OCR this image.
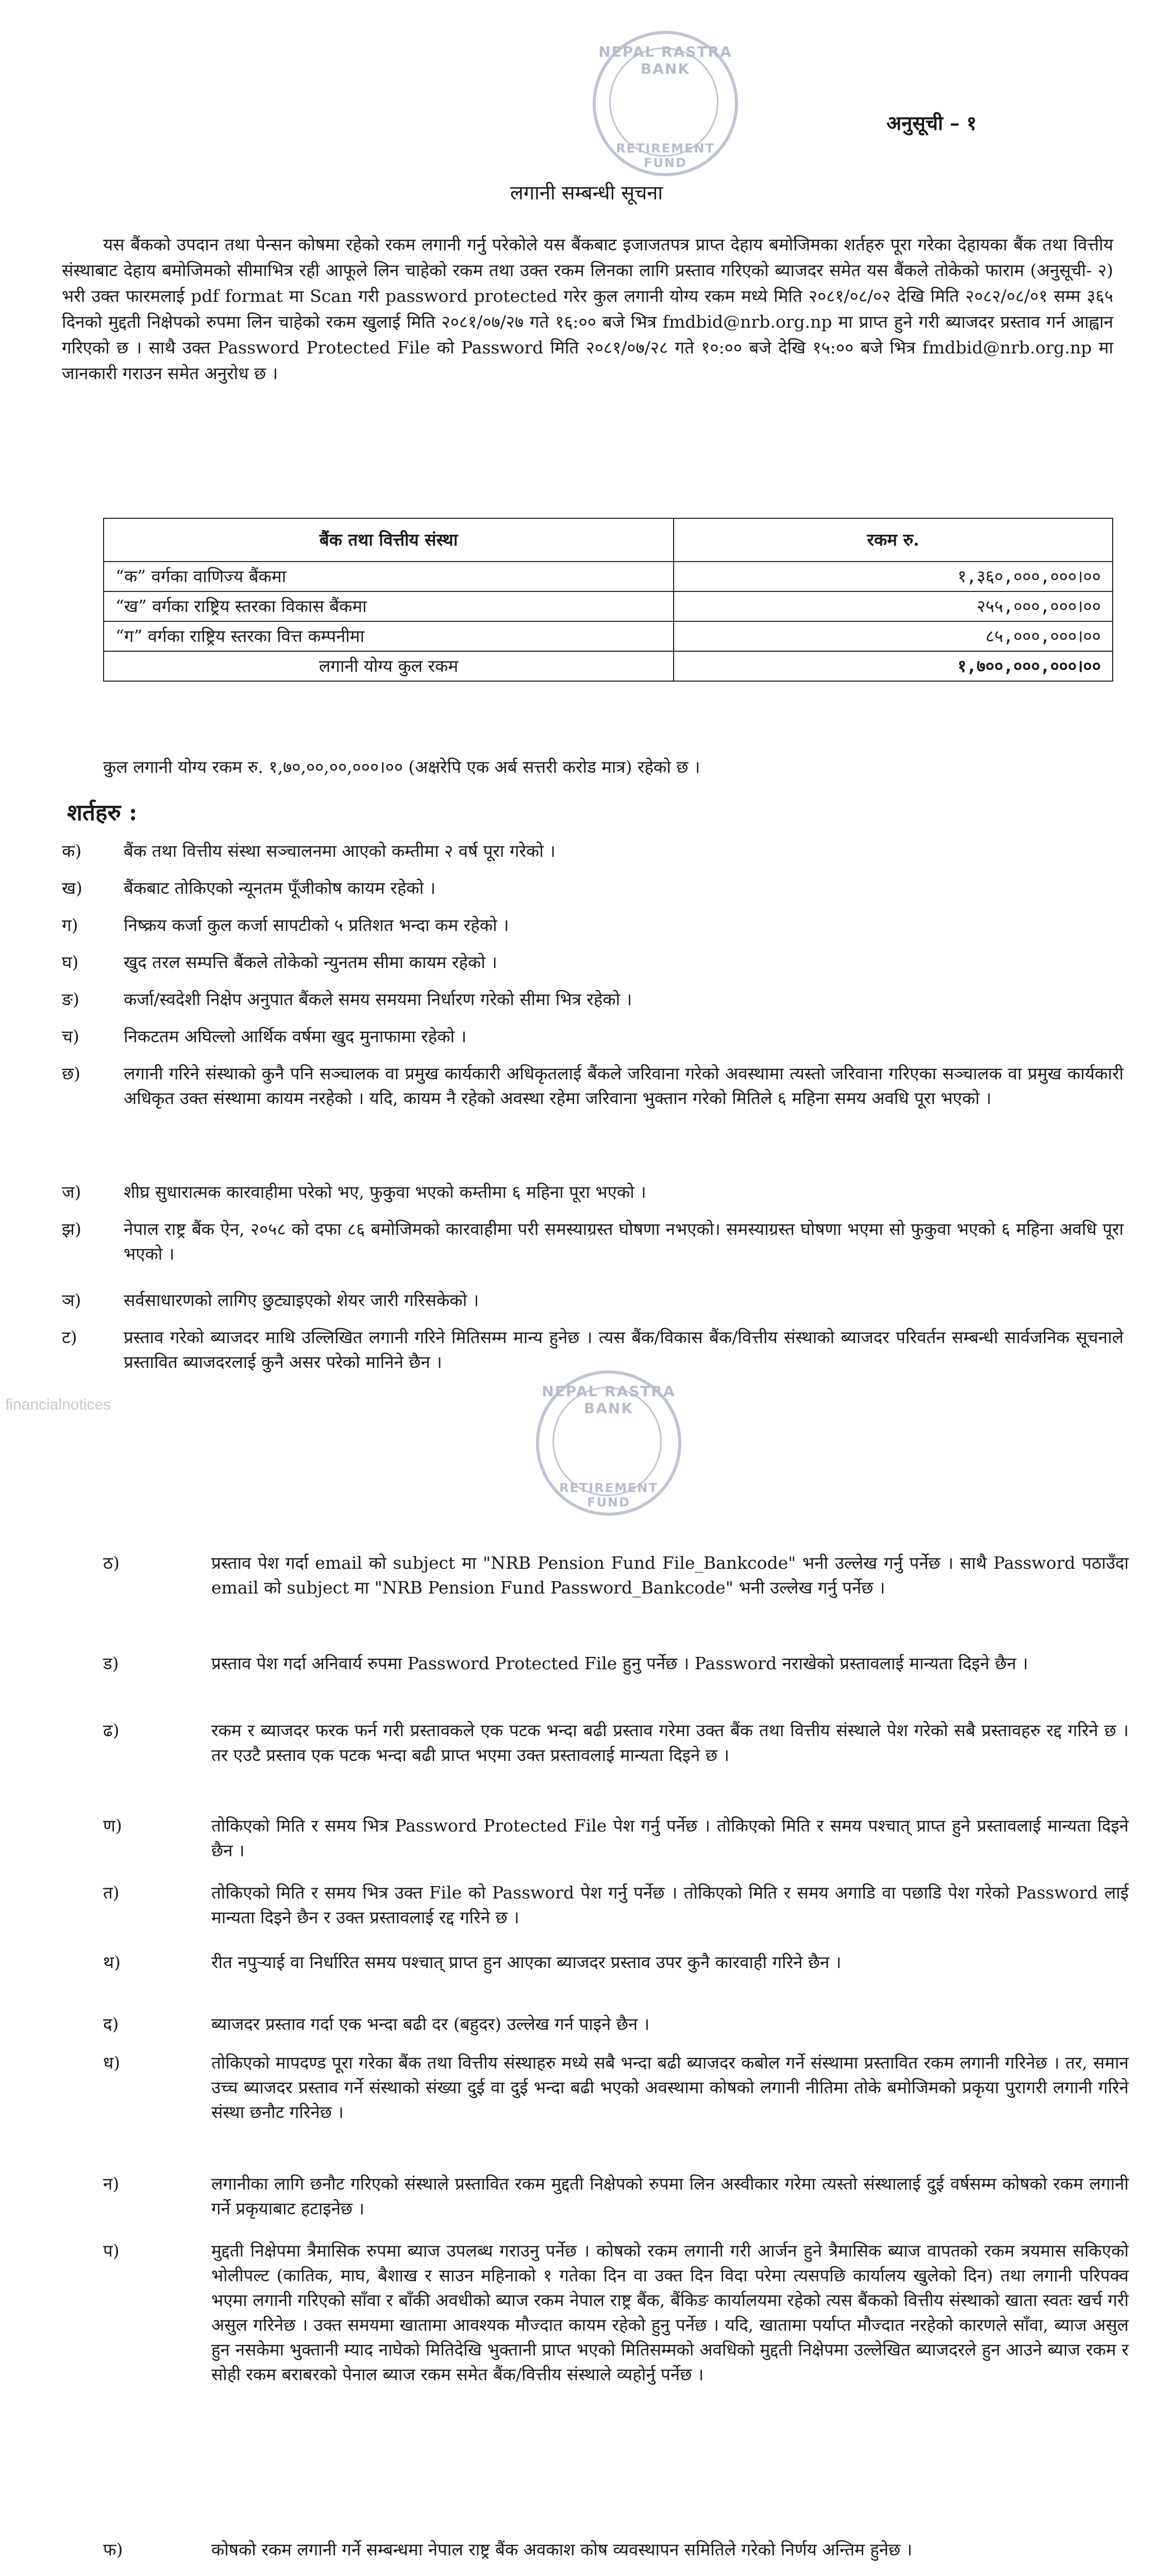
NEPAL RASTRA BANK
RETIREMENT FUND
अनुसूची – १
लगानी सम्बन्धी सूचना
यस बैंकको उपदान तथा पेन्सन कोषमा रहेको रकम लगानी गर्नु परेकोले यस बैंकबाट इजाजतपत्र प्राप्त देहाय बमोजिमका शर्तहरु पूरा गरेका देहायका बैंक तथा वित्तीय संस्थाबाट देहाय बमोजिमको सीमाभित्र रही आफूले लिन चाहेको रकम तथा उक्त रकम लिनका लागि प्रस्ताव गरिएको ब्याजदर समेत यस बैंकले तोकेको फाराम (अनुसूची- २) भरी उक्त फारमलाई pdf format मा Scan गरी password protected गरेर कुल लगानी योग्य रकम मध्ये मिति २०८१/०८/०२ देखि मिति २०८२/०८/०१ सम्म ३६५ दिनको मुद्दती निक्षेपको रुपमा लिन चाहेको रकम खुलाई मिति २०८१/०७/२७ गते १६:०० बजे भित्र fmdbid@nrb.org.np मा प्राप्त हुने गरी ब्याजदर प्रस्ताव गर्न आह्वान गरिएको छ । साथै उक्त Password Protected File को Password मिति २०८१/०७/२८ गते १०:०० बजे देखि १५:०० बजे भित्र fmdbid@nrb.org.np मा जानकारी गराउन समेत अनुरोध छ ।
बैंक तथा वित्तीय संस्था	रकम रु.
“क” वर्गका वाणिज्य बैंकमा	१,३६०,०००,०००।००
“ख” वर्गका राष्ट्रिय स्तरका विकास बैंकमा	२५५,०००,०००।००
“ग” वर्गका राष्ट्रिय स्तरका वित्त कम्पनीमा	८५,०००,०००।००
लगानी योग्य कुल रकम	१,७००,०००,०००।००
कुल लगानी योग्य रकम रु. १,७०,००,००,०००।०० (अक्षरेपि एक अर्ब सत्तरी करोड मात्र) रहेको छ ।
शर्तहरु :
क)	बैंक तथा वित्तीय संस्था सञ्चालनमा आएको कम्तीमा २ वर्ष पूरा गरेको ।
ख)	बैंकबाट तोकिएको न्यूनतम पूँजीकोष कायम रहेको ।
ग)	निष्क्रय कर्जा कुल कर्जा सापटीको ५ प्रतिशत भन्दा कम रहेको ।
घ)	खुद तरल सम्पत्ति बैंकले तोकेको न्युनतम सीमा कायम रहेको ।
ङ)	कर्जा/स्वदेशी निक्षेप अनुपात बैंकले समय समयमा निर्धारण गरेको सीमा भित्र रहेको ।
च)	निकटतम अघिल्लो आर्थिक वर्षमा खुद मुनाफामा रहेको ।
छ)	लगानी गरिने संस्थाको कुनै पनि सञ्चालक वा प्रमुख कार्यकारी अधिकृतलाई बैंकले जरिवाना गरेको अवस्थामा त्यस्तो जरिवाना गरिएका सञ्चालक वा प्रमुख कार्यकारी अधिकृत उक्त संस्थामा कायम नरहेको । यदि, कायम नै रहेको अवस्था रहेमा जरिवाना भुक्तान गरेको मितिले ६ महिना समय अवधि पूरा भएको ।
ज)	शीघ्र सुधारात्मक कारवाहीमा परेको भए, फुकुवा भएको कम्तीमा ६ महिना पूरा भएको ।
झ)	नेपाल राष्ट्र बैंक ऐन, २०५८ को दफा ८६ बमोजिमको कारवाहीमा परी समस्याग्रस्त घोषणा नभएको। समस्याग्रस्त घोषणा भएमा सो फुकुवा भएको ६ महिना अवधि पूरा भएको ।
ञ)	सर्वसाधारणको लागिए छुट्याइएको शेयर जारी गरिसकेको ।
ट)	प्रस्ताव गरेको ब्याजदर माथि उल्लिखित लगानी गरिने मितिसम्म मान्य हुनेछ । त्यस बैंक/विकास बैंक/वित्तीय संस्थाको ब्याजदर परिवर्तन सम्बन्धी सार्वजनिक सूचनाले प्रस्तावित ब्याजदरलाई कुनै असर परेको मानिने छैन ।
financialnotices
NEPAL RASTRA BANK
RETIREMENT FUND
ठ)	प्रस्ताव पेश गर्दा email को subject मा "NRB Pension Fund File_Bankcode" भनी उल्लेख गर्नु पर्नेछ । साथै Password पठाउँदा email को subject मा "NRB Pension Fund Password_Bankcode" भनी उल्लेख गर्नु पर्नेछ ।
ड)	प्रस्ताव पेश गर्दा अनिवार्य रुपमा Password Protected File हुनु पर्नेछ । Password नराखेको प्रस्तावलाई मान्यता दिइने छैन ।
ढ)	रकम र ब्याजदर फरक फर्न गरी प्रस्तावकले एक पटक भन्दा बढी प्रस्ताव गरेमा उक्त बैंक तथा वित्तीय संस्थाले पेश गरेको सबै प्रस्तावहरु रद्द गरिने छ । तर एउटै प्रस्ताव एक पटक भन्दा बढी प्राप्त भएमा उक्त प्रस्तावलाई मान्यता दिइने छ ।
ण)	तोकिएको मिति र समय भित्र Password Protected File पेश गर्नु पर्नेछ । तोकिएको मिति र समय पश्चात् प्राप्त हुने प्रस्तावलाई मान्यता दिइने छैन ।
त)	तोकिएको मिति र समय भित्र उक्त File को Password पेश गर्नु पर्नेछ । तोकिएको मिति र समय अगाडि वा पछाडि पेश गरेको Password लाई मान्यता दिइने छैन र उक्त प्रस्तावलाई रद्द गरिने छ ।
थ)	रीत नपुर्‍याई वा निर्धारित समय पश्चात् प्राप्त हुन आएका ब्याजदर प्रस्ताव उपर कुनै कारवाही गरिने छैन ।
द)	ब्याजदर प्रस्ताव गर्दा एक भन्दा बढी दर (बहुदर) उल्लेख गर्न पाइने छैन ।
ध)	तोकिएको मापदण्ड पूरा गरेका बैंक तथा वित्तीय संस्थाहरु मध्ये सबै भन्दा बढी ब्याजदर कबोल गर्ने संस्थामा प्रस्तावित रकम लगानी गरिनेछ । तर, समान उच्च ब्याजदर प्रस्ताव गर्ने संस्थाको संख्या दुई वा दुई भन्दा बढी भएको अवस्थामा कोषको लगानी नीतिमा तोके बमोजिमको प्रकृया पुरागरी लगानी गरिने संस्था छनौट गरिनेछ ।
न)	लगानीका लागि छनौट गरिएको संस्थाले प्रस्तावित रकम मुद्दती निक्षेपको रुपमा लिन अस्वीकार गरेमा त्यस्तो संस्थालाई दुई वर्षसम्म कोषको रकम लगानी गर्ने प्रकृयाबाट हटाइनेछ ।
प)	मुद्दती निक्षेपमा त्रैमासिक रुपमा ब्याज उपलब्ध गराउनु पर्नेछ । कोषको रकम लगानी गरी आर्जन हुने त्रैमासिक ब्याज वापतको रकम त्रयमास सकिएको भोलीपल्ट (कातिक, माघ, बैशाख र साउन महिनाको १ गतेका दिन वा उक्त दिन विदा परेमा त्यसपछि कार्यालय खुलेको दिन) तथा लगानी परिपक्व भएमा लगानी गरिएको साँवा र बाँकी अवधीको ब्याज रकम नेपाल राष्ट्र बैंक, बैंकिङ कार्यालयमा रहेको त्यस बैंकको वित्तीय संस्थाको खाता स्वतः खर्च गरी असुल गरिनेछ । उक्त समयमा खातामा आवश्यक मौज्दात कायम रहेको हुनु पर्नेछ । यदि, खातामा पर्याप्त मौज्दात नरहेको कारणले साँवा, ब्याज असुल हुन नसकेमा भुक्तानी म्याद नाघेको मितिदेखि भुक्तानी प्राप्त भएको मितिसम्मको अवधिको मुद्दती निक्षेपमा उल्लेखित ब्याजदरले हुन आउने ब्याज रकम र सोही रकम बराबरको पेनाल ब्याज रकम समेत बैंक/वित्तीय संस्थाले व्यहोर्नु पर्नेछ ।
फ)	कोषको रकम लगानी गर्ने सम्बन्धमा नेपाल राष्ट्र बैंक अवकाश कोष व्यवस्थापन समितिले गरेको निर्णय अन्तिम हुनेछ ।
